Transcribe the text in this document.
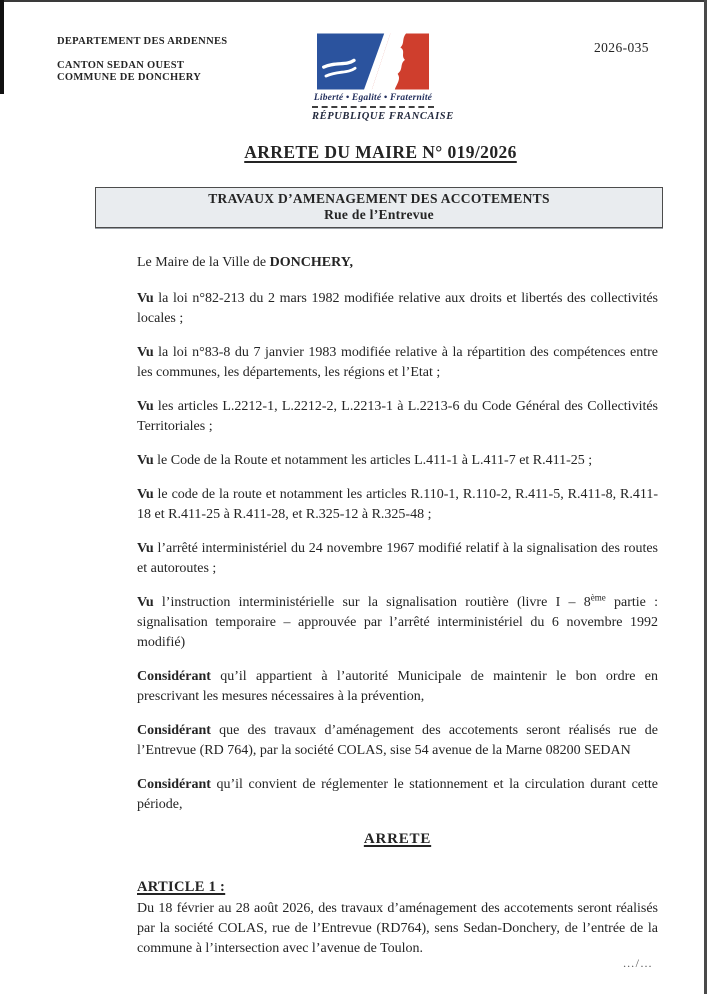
DEPARTEMENT DES ARDENNES
CANTON SEDAN OUEST
COMMUNE DE DONCHERY
2026-035
Liberté • Egalité • Fraternité
RÉPUBLIQUE FRANCAISE
ARRETE DU MAIRE N° 019/2026
TRAVAUX D’AMENAGEMENT DES ACCOTEMENTS
Rue de l’Entrevue

Le Maire de la Ville de DONCHERY,

Vu la loi n°82-213 du 2 mars 1982 modifiée relative aux droits et libertés des collectivités locales ;

Vu la loi n°83-8 du 7 janvier 1983 modifiée relative à la répartition des compétences entre les communes, les départements, les régions et l’Etat ;

Vu les articles L.2212-1, L.2212-2, L.2213-1 à L.2213-6 du Code Général des Collectivités Territoriales ;

Vu le Code de la Route et notamment les articles L.411-1 à L.411-7 et R.411-25 ;

Vu le code de la route et notamment les articles R.110-1, R.110-2, R.411-5, R.411-8, R.411-18 et R.411-25 à R.411-28, et R.325-12 à R.325-48 ;

Vu l’arrêté interministériel du 24 novembre 1967 modifié relatif à la signalisation des routes et autoroutes ;

Vu l’instruction interministérielle sur la signalisation routière (livre I – 8ème partie : signalisation temporaire – approuvée par l’arrêté interministériel du 6 novembre 1992 modifié)

Considérant qu’il appartient à l’autorité Municipale de maintenir le bon ordre en prescrivant les mesures nécessaires à la prévention,

Considérant que des travaux d’aménagement des accotements seront réalisés rue de l’Entrevue (RD 764), par la société COLAS, sise 54 avenue de la Marne 08200 SEDAN

Considérant qu’il convient de réglementer le stationnement et la circulation durant cette période,

ARRETE
ARTICLE 1 :

Du 18 février au 28 août 2026, des travaux d’aménagement des accotements seront réalisés par la société COLAS, rue de l’Entrevue (RD764), sens Sedan-Donchery, de l’entrée de la commune à l’intersection avec l’avenue de Toulon.

…/…
